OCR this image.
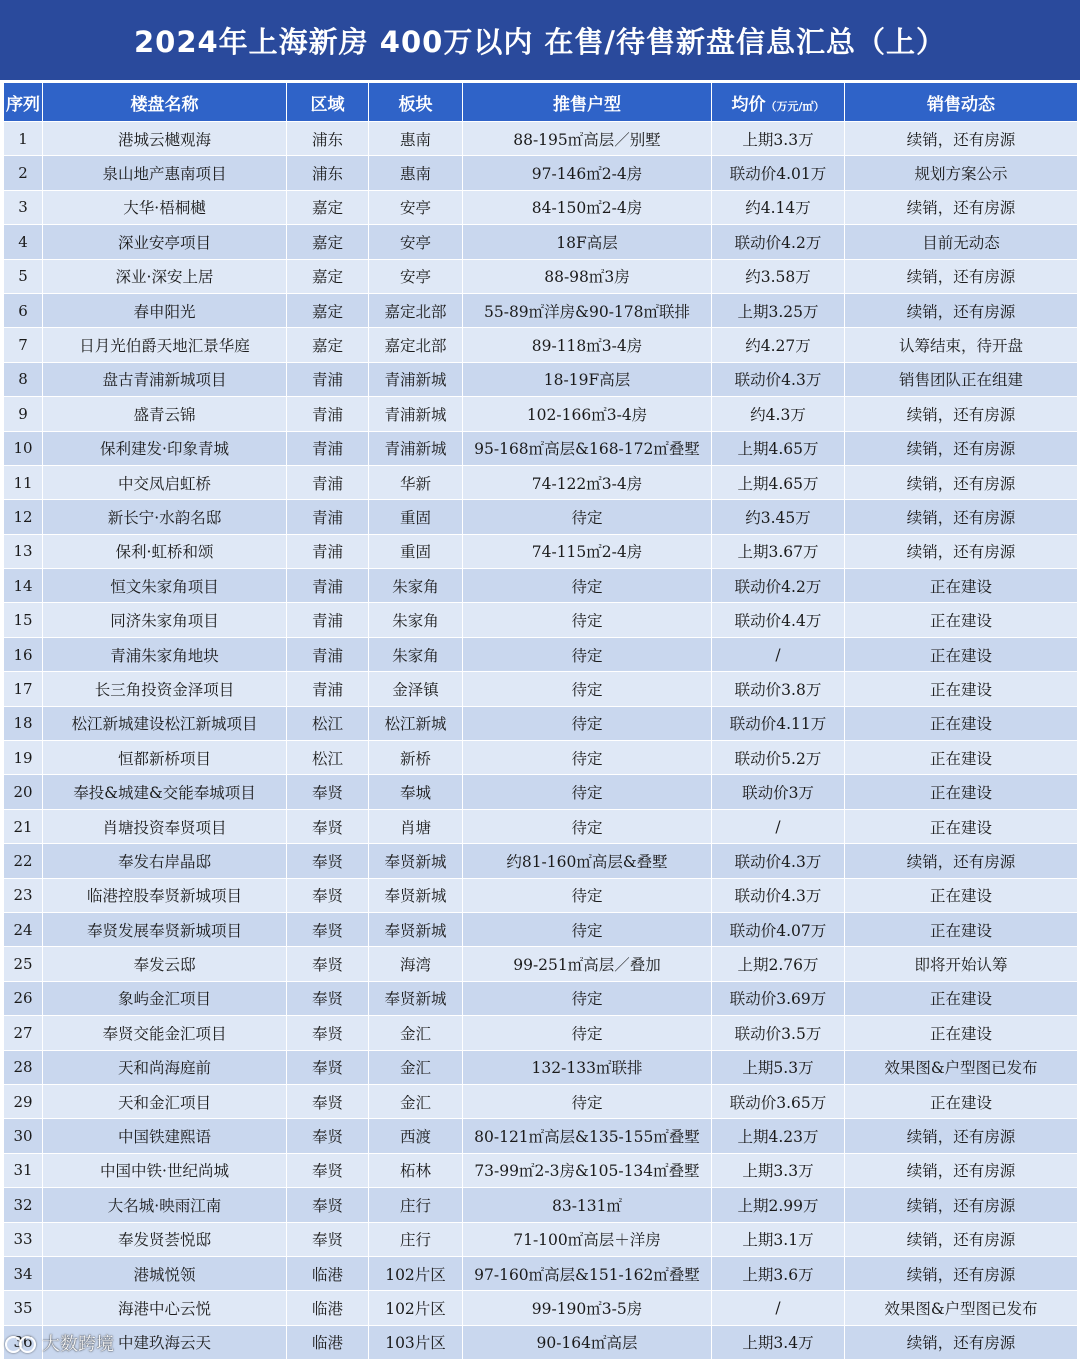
2024年上海新房 400万以内 在售/待售新盘信息汇总（上）
序列	楼盘名称	区域	板块	推售户型	均价（万元/㎡）	销售动态
1	港城云樾观海	浦东	惠南	88-195㎡高层／别墅	上期3.3万	续销，还有房源
2	泉山地产惠南项目	浦东	惠南	97-146㎡2-4房	联动价4.01万	规划方案公示
3	大华·梧桐樾	嘉定	安亭	84-150㎡2-4房	约4.14万	续销，还有房源
4	深业安亭项目	嘉定	安亭	18F高层	联动价4.2万	目前无动态
5	深业·深安上居	嘉定	安亭	88-98㎡3房	约3.58万	续销，还有房源
6	春申阳光	嘉定	嘉定北部	55-89㎡洋房&90-178㎡联排	上期3.25万	续销，还有房源
7	日月光伯爵天地汇景华庭	嘉定	嘉定北部	89-118㎡3-4房	约4.27万	认筹结束，待开盘
8	盘古青浦新城项目	青浦	青浦新城	18-19F高层	联动价4.3万	销售团队正在组建
9	盛青云锦	青浦	青浦新城	102-166㎡3-4房	约4.3万	续销，还有房源
10	保利建发·印象青城	青浦	青浦新城	95-168㎡高层&168-172㎡叠墅	上期4.65万	续销，还有房源
11	中交凤启虹桥	青浦	华新	74-122㎡3-4房	上期4.65万	续销，还有房源
12	新长宁·水韵名邸	青浦	重固	待定	约3.45万	续销，还有房源
13	保利·虹桥和颂	青浦	重固	74-115㎡2-4房	上期3.67万	续销，还有房源
14	恒文朱家角项目	青浦	朱家角	待定	联动价4.2万	正在建设
15	同济朱家角项目	青浦	朱家角	待定	联动价4.4万	正在建设
16	青浦朱家角地块	青浦	朱家角	待定	/	正在建设
17	长三角投资金泽项目	青浦	金泽镇	待定	联动价3.8万	正在建设
18	松江新城建设松江新城项目	松江	松江新城	待定	联动价4.11万	正在建设
19	恒都新桥项目	松江	新桥	待定	联动价5.2万	正在建设
20	奉投&城建&交能奉城项目	奉贤	奉城	待定	联动价3万	正在建设
21	肖塘投资奉贤项目	奉贤	肖塘	待定	/	正在建设
22	奉发右岸晶邸	奉贤	奉贤新城	约81-160㎡高层&叠墅	联动价4.3万	续销，还有房源
23	临港控股奉贤新城项目	奉贤	奉贤新城	待定	联动价4.3万	正在建设
24	奉贤发展奉贤新城项目	奉贤	奉贤新城	待定	联动价4.07万	正在建设
25	奉发云邸	奉贤	海湾	99-251㎡高层／叠加	上期2.76万	即将开始认筹
26	象屿金汇项目	奉贤	奉贤新城	待定	联动价3.69万	正在建设
27	奉贤交能金汇项目	奉贤	金汇	待定	联动价3.5万	正在建设
28	天和尚海庭前	奉贤	金汇	132-133㎡联排	上期5.3万	效果图&户型图已发布
29	天和金汇项目	奉贤	金汇	待定	联动价3.65万	正在建设
30	中国铁建熙语	奉贤	西渡	80-121㎡高层&135-155㎡叠墅	上期4.23万	续销，还有房源
31	中国中铁·世纪尚城	奉贤	柘林	73-99㎡2-3房&105-134㎡叠墅	上期3.3万	续销，还有房源
32	大名城·映雨江南	奉贤	庄行	83-131㎡	上期2.99万	续销，还有房源
33	奉发贤荟悦邸	奉贤	庄行	71-100㎡高层＋洋房	上期3.1万	续销，还有房源
34	港城悦领	临港	102片区	97-160㎡高层&151-162㎡叠墅	上期3.6万	续销，还有房源
35	海港中心云悦	临港	102片区	99-190㎡3-5房	/	效果图&户型图已发布
36	中建玖海云天	临港	103片区	90-164㎡高层	上期3.4万	续销，还有房源
大数跨境
